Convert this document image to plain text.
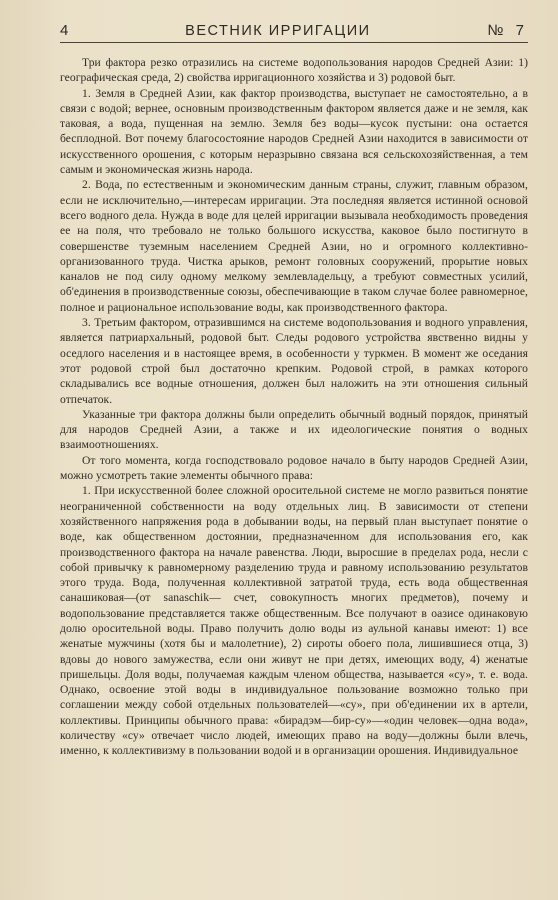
4	ВЕСТНИК ИРРИГАЦИИ	№ 7

Три фактора резко отразились на системе водопользования народов Средней Азии: 1) географическая среда, 2) свойства ирригационного хозяйства и 3) родовой быт.

1. Земля в Средней Азии, как фактор производства, выступает не самостоятельно, а в связи с водой; вернее, основным производственным фактором является даже и не земля, как таковая, а вода, пущенная на землю. Земля без воды—кусок пустыни: она остается бесплодной. Вот почему благосостояние народов Средней Азии находится в зависимости от искусственного орошения, с которым неразрывно связана вся сельскохозяйственная, а тем самым и экономическая жизнь народа.

2. Вода, по естественным и экономическим данным страны, служит, главным образом, если не исключительно,—интересам ирригации. Эта последняя является истинной основой всего водного дела. Нужда в воде для целей ирригации вызывала необходимость проведения ее на поля, что требовало не только большого искусства, каковое было постигнуто в совершенстве туземным населением Средней Азии, но и огромного коллективно-организованного труда. Чистка арыков, ремонт головных сооружений, прорытие новых каналов не под силу одному мелкому землевладельцу, а требуют совместных усилий, об'единения в производственные союзы, обеспечивающие в таком случае более равномерное, полное и рациональное использование воды, как производственного фактора.

3. Третьим фактором, отразившимся на системе водопользования и водного управления, является патриархальный, родовой быт. Следы родового устройства явственно видны у оседлого населения и в настоящее время, в особенности у туркмен. В момент же оседания этот родовой строй был достаточно крепким. Родовой строй, в рамках которого складывались все водные отношения, должен был наложить на эти отношения сильный отпечаток.

Указанные три фактора должны были определить обычный водный порядок, принятый для народов Средней Азии, а также и их идеологические понятия о водных взаимоотношениях.

От того момента, когда господствовало родовое начало в быту народов Средней Азии, можно усмотреть такие элементы обычного права:

1. При искусственной более сложной оросительной системе не могло развиться понятие неограниченной собственности на воду отдельных лиц. В зависимости от степени хозяйственного напряжения рода в добывании воды, на первый план выступает понятие о воде, как общественном достоянии, предназначенном для использования его, как производственного фактора на начале равенства. Люди, выросшие в пределах рода, несли с собой привычку к равномерному разделению труда и равному использованию результатов этого труда. Вода, полученная коллективной затратой труда, есть вода общественная санашиковая—(от sanaschik— счет, совокупность многих предметов), почему и водопользование представляется также общественным. Все получают в оазисе одинаковую долю оросительной воды. Право получить долю воды из аульной канавы имеют: 1) все женатые мужчины (хотя бы и малолетние), 2) сироты обоего пола, лишившиеся отца, 3) вдовы до нового замужества, если они живут не при детях, имеющих воду, 4) женатые пришельцы. Доля воды, получаемая каждым членом общества, называется «су», т. е. вода. Однако, освоение этой воды в индивидуальное пользование возможно только при соглашении между собой отдельных пользователей—«су», при об'единении их в артели, коллективы. Принципы обычного права: «бирадэм—бир-су»—«один человек—одна вода», количеству «су» отвечает число людей, имеющих право на воду—должны были влечь, именно, к коллективизму в пользовании водой и в организации орошения. Индивидуальное
